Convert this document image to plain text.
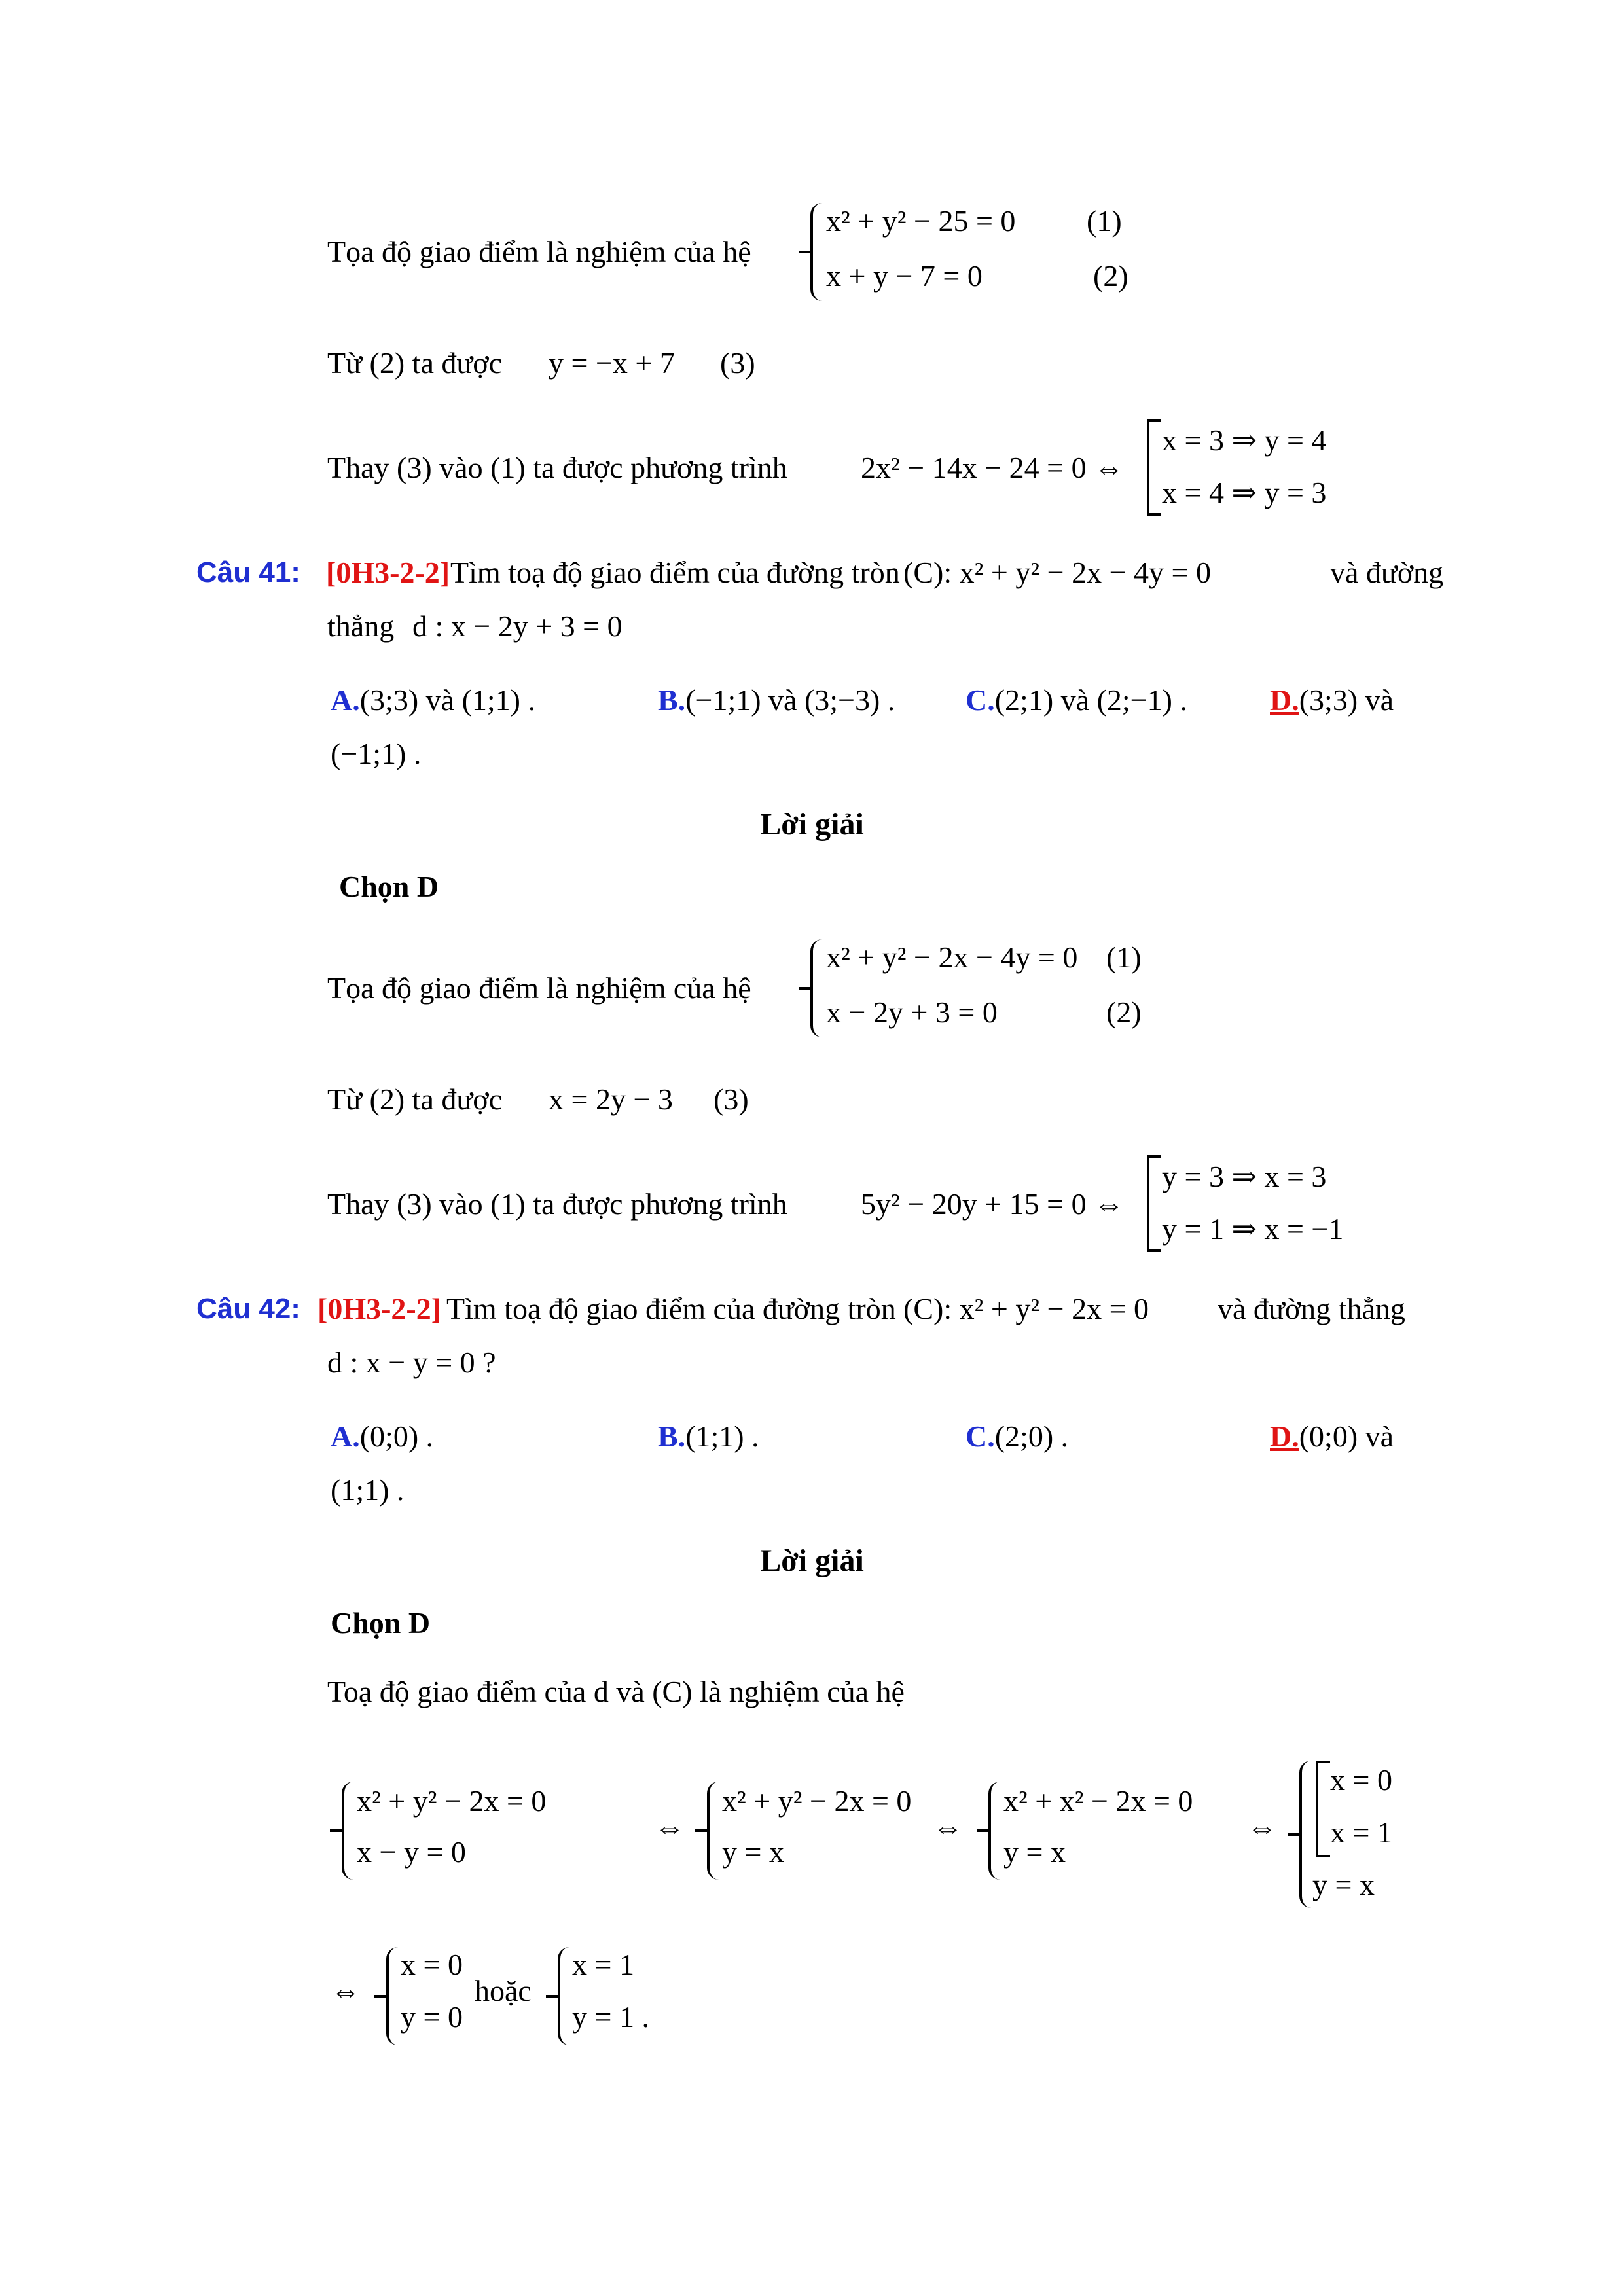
Tọa độ giao điểm là nghiệm của hệ
x² + y² − 25 = 0 (1)
x + y − 7 = 0	(2)
Từ (2) ta được y = −x + 7 (3)
Thay (3) vào (1) ta được phương trình 2x² − 14x − 24 = 0 ⇔
x = 3 ⇒ y = 4
x = 4 ⇒ y = 3
Câu 41: [0H3-2-2] Tìm toạ độ giao điểm của đường tròn (C): x² + y² − 2x − 4y = 0	và đường
thẳng d : x − 2y + 3 = 0
A.(3;3) và (1;1) .	B.(−1;1) và (3;−3) . C.(2;1) và (2;−1) .	D.(3;3) và
(−1;1) .
Lời giải
Chọn D
Tọa độ giao điểm là nghiệm của hệ
x² + y² − 2x − 4y = 0 (1)
x − 2y + 3 = 0	(2)
Từ (2) ta được x = 2y − 3 (3)
Thay (3) vào (1) ta được phương trình 5y² − 20y + 15 = 0 ⇔
y = 3 ⇒ x = 3
y = 1 ⇒ x = −1
Câu 42: [0H3-2-2] Tìm toạ độ giao điểm của đường tròn (C): x² + y² − 2x = 0 và đường thẳng
d : x − y = 0 ?
A.(0;0) .	B.(1;1) .	C.(2;0) .	D.(0;0) và
(1;1) .
Lời giải
Chọn D
Toạ độ giao điểm của d và (C) là nghiệm của hệ
x² + y² − 2x = 0
x − y = 0
⇔
x² + y² − 2x = 0
y = x
⇔
x² + x² − 2x = 0
y = x
⇔
x = 0
x = 1
y = x
⇔
x = 0
y = 0
hoặc
x = 1
y = 1 .
